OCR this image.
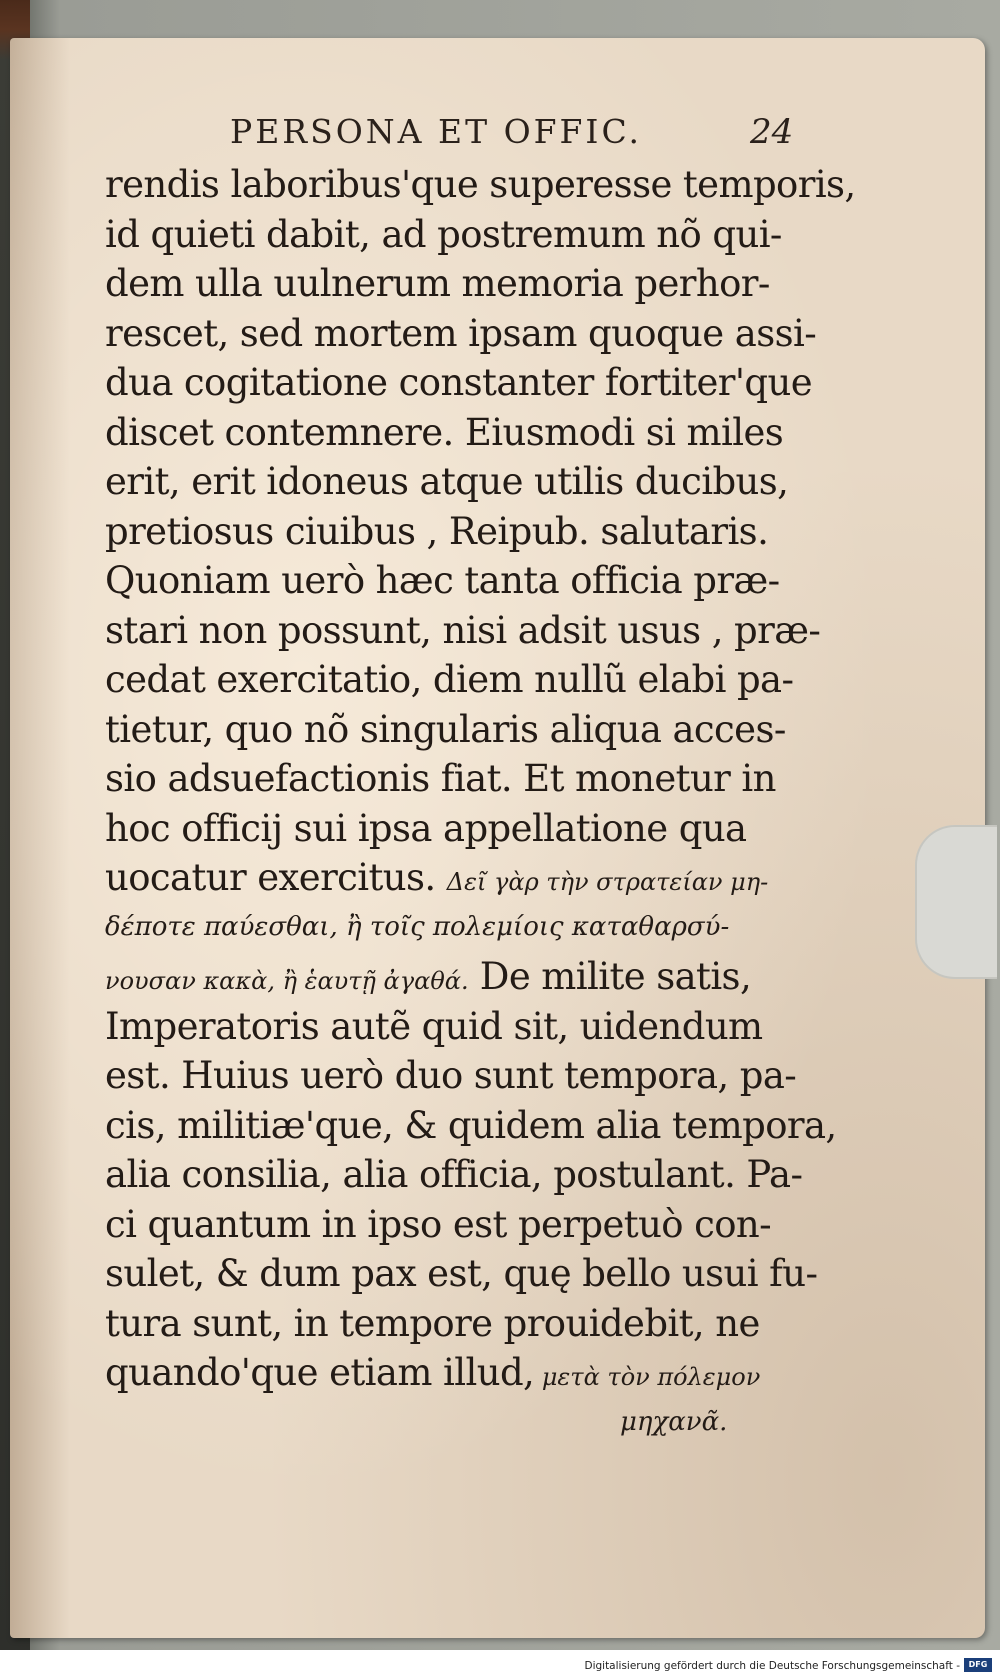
PERSONA ET OFFIC.	24
rendis laboribus'que superesse temporis,
id quieti dabit, ad postremum nõ qui-
dem ulla uulnerum memoria perhor-
rescet, sed mortem ipsam quoque assi-
dua cogitatione constanter fortiter'que
discet contemnere. Eiusmodi si miles
erit, erit idoneus atque utilis ducibus,
pretiosus ciuibus , Reipub. salutaris.
Quoniam uerò hæc tanta officia præ-
stari non possunt, nisi adsit usus , præ-
cedat exercitatio, diem nullũ elabi pa-
tietur, quo nõ singularis aliqua acces-
sio adsuefactionis fiat. Et monetur in
hoc officij sui ipsa appellatione qua
uocatur exercitus. Δεῖ γὰρ τὴν στρατείαν μη-
δέποτε παύεσθαι, ἢ τοῖς πολεμίοις καταθαρσύ-
νουσαν κακὰ, ἢ ἑαυτῇ ἀγαθά. De milite satis,
Imperatoris autẽ quid sit, uidendum
est. Huius uerò duo sunt tempora, pa-
cis, militiæ'que, & quidem alia tempora,
alia consilia, alia officia, postulant. Pa-
ci quantum in ipso est perpetuò con-
sulet, & dum pax est, quę bello usui fu-
tura sunt, in tempore prouidebit, ne
quando'que etiam illud, μετὰ τὸν πόλεμον
μηχανᾶ.
Digitalisierung gefördert durch die Deutsche Forschungsgemeinschaft -	DFG
